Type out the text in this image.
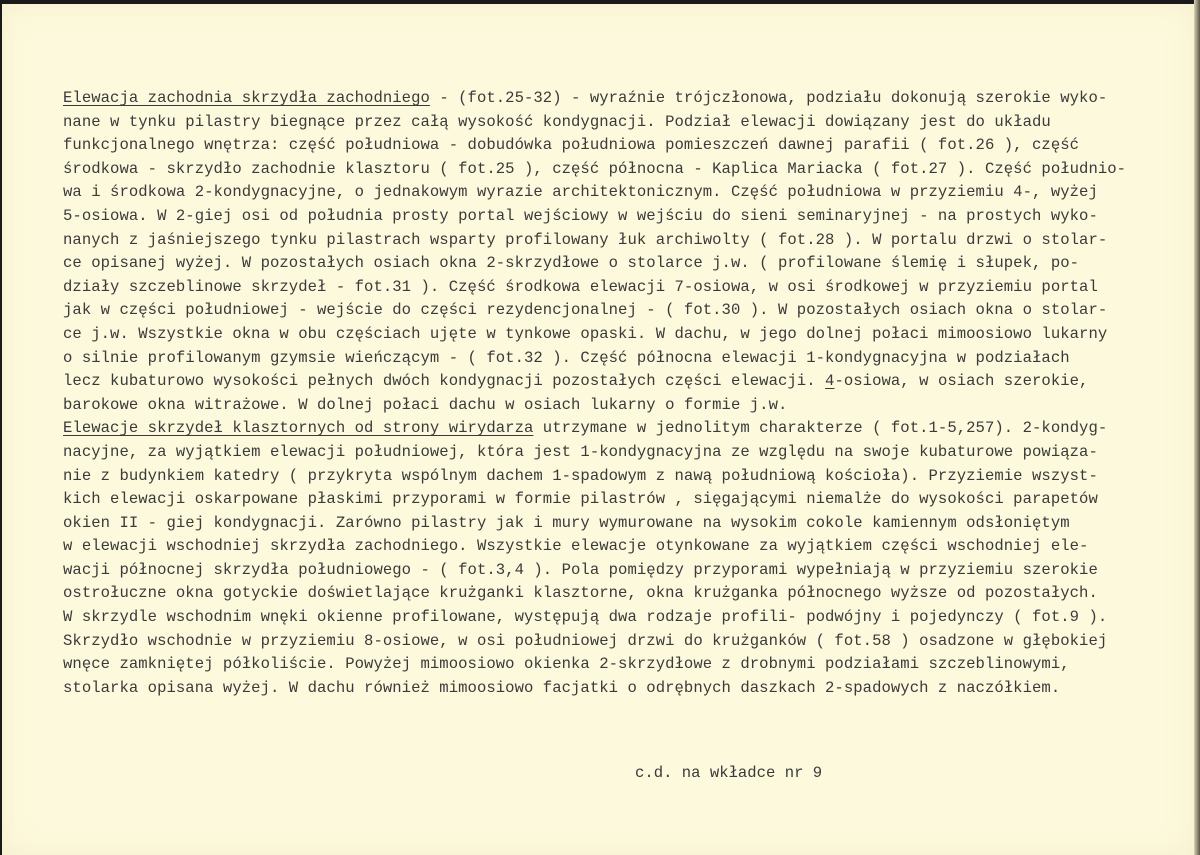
Elewacja zachodnia skrzydła zachodniego - (fot.25-32) - wyraźnie trójczłonowa, podziału dokonują szerokie wyko-
nane w tynku pilastry biegnące przez całą wysokość kondygnacji. Podział elewacji dowiązany jest do układu
funkcjonalnego wnętrza: część południowa - dobudówka południowa pomieszczeń dawnej parafii ( fot.26 ), część
środkowa - skrzydło zachodnie klasztoru ( fot.25 ), część północna - Kaplica Mariacka ( fot.27 ). Część południo-
wa i środkowa 2-kondygnacyjne, o jednakowym wyrazie architektonicznym. Część południowa w przyziemiu 4-, wyżej
5-osiowa. W 2-giej osi od południa prosty portal wejściowy w wejściu do sieni seminaryjnej - na prostych wyko-
nanych z jaśniejszego tynku pilastrach wsparty profilowany łuk archiwolty ( fot.28 ). W portalu drzwi o stolar-
ce opisanej wyżej. W pozostałych osiach okna 2-skrzydłowe o stolarce j.w. ( profilowane ślemię i słupek, po-
działy szczeblinowe skrzydeł - fot.31 ). Część środkowa elewacji 7-osiowa, w osi środkowej w przyziemiu portal
jak w części południowej - wejście do części rezydencjonalnej - ( fot.30 ). W pozostałych osiach okna o stolar-
ce j.w. Wszystkie okna w obu częściach ujęte w tynkowe opaski. W dachu, w jego dolnej połaci mimoosiowo lukarny
o silnie profilowanym gzymsie wieńczącym - ( fot.32 ). Część północna elewacji 1-kondygnacyjna w podziałach
lecz kubaturowo wysokości pełnych dwóch kondygnacji pozostałych części elewacji. 4-osiowa, w osiach szerokie,
barokowe okna witrażowe. W dolnej połaci dachu w osiach lukarny o formie j.w.
Elewacje skrzydeł klasztornych od strony wirydarza utrzymane w jednolitym charakterze ( fot.1-5,257). 2-kondyg-
nacyjne, za wyjątkiem elewacji południowej, która jest 1-kondygnacyjna ze względu na swoje kubaturowe powiąza-
nie z budynkiem katedry ( przykryta wspólnym dachem 1-spadowym z nawą południową kościoła). Przyziemie wszyst-
kich elewacji oskarpowane płaskimi przyporami w formie pilastrów , sięgającymi niemalże do wysokości parapetów
okien II - giej kondygnacji. Zarówno pilastry jak i mury wymurowane na wysokim cokole kamiennym odsłoniętym
w elewacji wschodniej skrzydła zachodniego. Wszystkie elewacje otynkowane za wyjątkiem części wschodniej ele-
wacji północnej skrzydła południowego - ( fot.3,4 ). Pola pomiędzy przyporami wypełniają w przyziemiu szerokie
ostrołuczne okna gotyckie doświetlające krużganki klasztorne, okna krużganka północnego wyższe od pozostałych.
W skrzydle wschodnim wnęki okienne profilowane, występują dwa rodzaje profili- podwójny i pojedynczy ( fot.9 ).
Skrzydło wschodnie w przyziemiu 8-osiowe, w osi południowej drzwi do krużganków ( fot.58 ) osadzone w głębokiej
wnęce zamkniętej półkoliście. Powyżej mimoosiowo okienka 2-skrzydłowe z drobnymi podziałami szczeblinowymi,
stolarka opisana wyżej. W dachu również mimoosiowo facjatki o odrębnych daszkach 2-spadowych z naczółkiem.
c.d. na wkładce nr 9
